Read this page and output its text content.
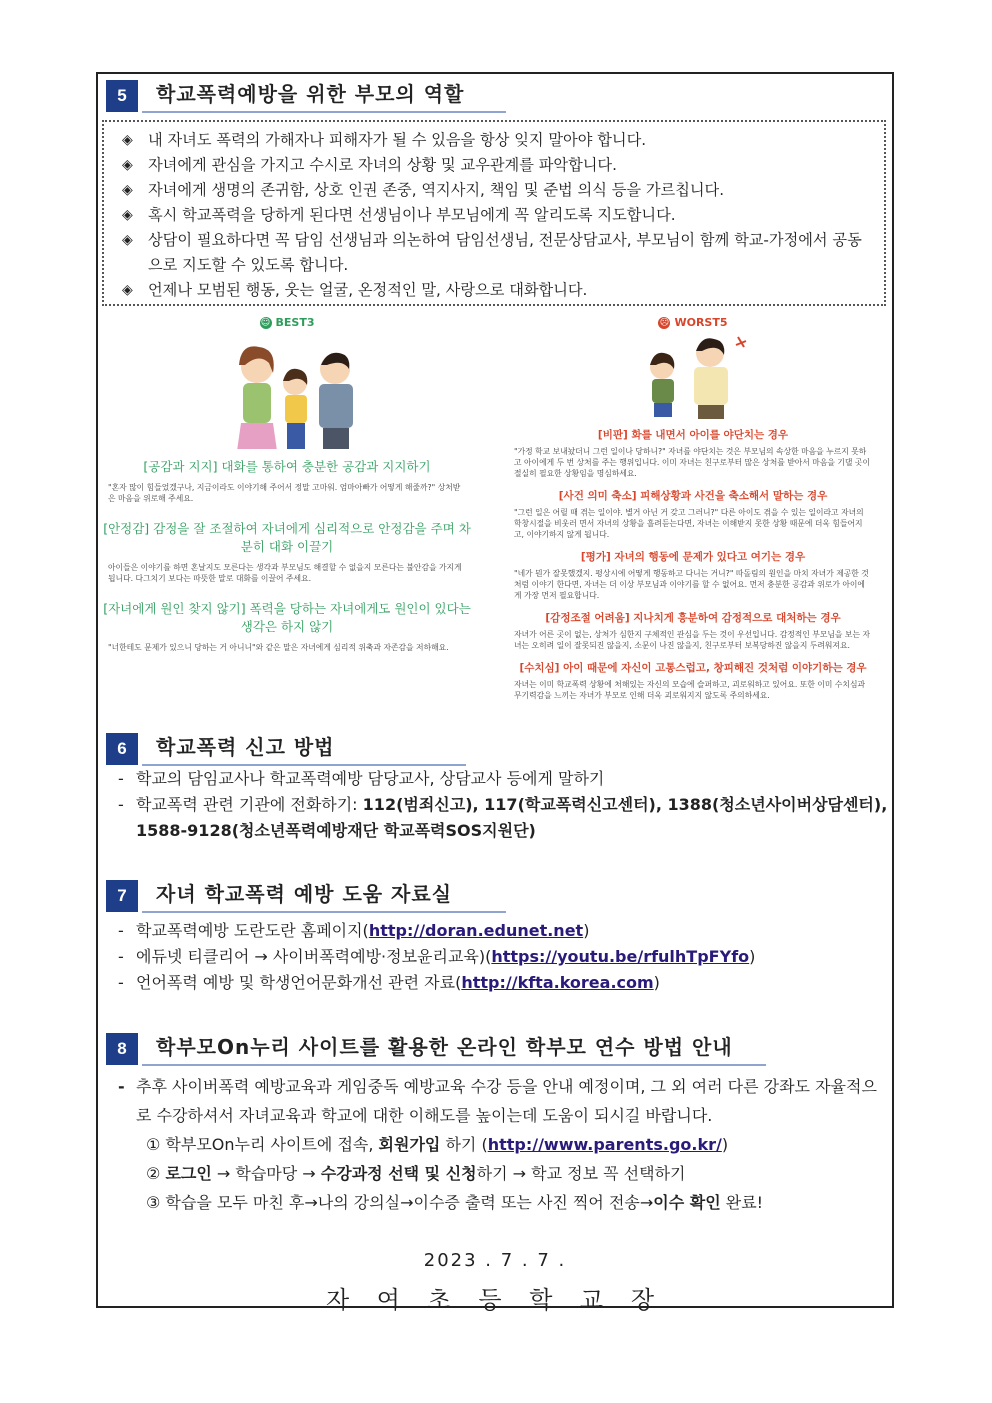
5	학교폭력예방을 위한 부모의 역할
◈	내 자녀도 폭력의 가해자나 피해자가 될 수 있음을 항상 잊지 말아야 합니다.
◈	자녀에게 관심을 가지고 수시로 자녀의 상황 및 교우관계를 파악합니다.
◈	자녀에게 생명의 존귀함, 상호 인권 존중, 역지사지, 책임 및 준법 의식 등을 가르칩니다.
◈	혹시 학교폭력을 당하게 된다면 선생님이나 부모님에게 꼭 알리도록 지도합니다.
◈	상담이 필요하다면 꼭 담임 선생님과 의논하여 담임선생님, 전문상담교사, 부모님이 함께 학교-가정에서 공동으로 지도할 수 있도록 합니다.
◈	언제나 모범된 행동, 웃는 얼굴, 온정적인 말, 사랑으로 대화합니다.
☺ BEST3
[공감과 지지] 대화를 통하여 충분한 공감과 지지하기
"혼자 많이 힘들었겠구나, 지금이라도 이야기해 주어서 정말 고마워. 엄마아빠가 어떻게 해줄까?" 상처받은 마음을 위로해 주세요.
[안정감] 감정을 잘 조절하여 자녀에게 심리적으로 안정감을 주며 차분히 대화 이끌기
아이들은 이야기를 하면 혼날지도 모른다는 생각과 부모님도 해결할 수 없을지 모른다는 불안감을 가지게 됩니다. 다그치기 보다는 따뜻한 말로 대화를 이끌어 주세요.
[자녀에게 원인 찾지 않기] 폭력을 당하는 자녀에게도 원인이 있다는 생각은 하지 않기
"너한테도 문제가 있으니 당하는 거 아니니"와 같은 말은 자녀에게 심리적 위축과 자존감을 저하해요.
☹ WORST5
[비판] 화를 내면서 아이를 야단치는 경우
"가정 학교 보내놨더니 그런 일이나 당하니?" 자녀를 야단치는 것은 부모님의 속상한 마음을 누르지 못하고 아이에게 두 번 상처를 주는 행위입니다. 이미 자녀는 친구로부터 많은 상처를 받아서 마음을 기댈 곳이 절실히 필요한 상황임을 명심하세요.
[사건 의미 축소] 피해상황과 사건을 축소해서 말하는 경우
"그런 일은 어릴 때 겪는 일이야. 별거 아닌 거 갖고 그러니?" 다른 아이도 겪을 수 있는 일이라고 자녀의 학창시절을 비웃러 면서 자녀의 상황을 흘려듣는다면, 자녀는 이해받지 못한 상황 때문에 더욱 힘들어지고, 이야기하지 않게 됩니다.
[평가] 자녀의 행동에 문제가 있다고 여기는 경우
"네가 뭔가 잘못했겠지. 평상시에 어떻게 행동하고 다니는 거니?" 따돌림의 원인을 마치 자녀가 제공한 것처럼 이야기 한다면, 자녀는 더 이상 부모님과 이야기를 할 수 없어요. 먼저 충분한 공감과 위로가 아이에게 가장 먼저 필요합니다.
[감정조절 어려움] 지나치게 흥분하여 감정적으로 대처하는 경우
자녀가 어른 곳이 없는, 상처가 심한지 구체적인 관심을 두는 것이 우선입니다. 감정적인 부모님을 보는 자녀는 오히려 일이 잘못되진 않을지, 소문이 나진 않을지, 친구로부터 보복당하진 않을지 두려워져요.
[수치심] 아이 때문에 자신이 고통스럽고, 창피해진 것처럼 이야기하는 경우
자녀는 이미 학교폭력 상황에 처해있는 자신의 모습에 슬퍼하고, 괴로워하고 있어요. 또한 이미 수치심과 무기력감을 느끼는 자녀가 부모로 인해 더욱 괴로워지지 않도록 주의하세요.
6	학교폭력 신고 방법
- 학교의 담임교사나 학교폭력예방 담당교사, 상담교사 등에게 말하기
- 학교폭력 관련 기관에 전화하기: 112(범죄신고), 117(학교폭력신고센터), 1388(청소년사이버상담센터), 1588-9128(청소년폭력예방재단 학교폭력SOS지원단)
7	자녀 학교폭력 예방 도움 자료실
- 학교폭력예방 도란도란 홈페이지(http://doran.edunet.net)
- 에듀넷 티클리어 → 사이버폭력예방·정보윤리교육)(https://youtu.be/rfulhTpFYfo)
- 언어폭력 예방 및 학생언어문화개선 관련 자료(http://kfta.korea.com)
8	학부모On누리 사이트를 활용한 온라인 학부모 연수 방법 안내
- 추후 사이버폭력 예방교육과 게임중독 예방교육 수강 등을 안내 예정이며, 그 외 여러 다른 강좌도 자율적으로 수강하셔서 자녀교육과 학교에 대한 이해도를 높이는데 도움이 되시길 바랍니다.
① 학부모On누리 사이트에 접속, 회원가입 하기 (http://www.parents.go.kr/)
② 로그인 → 학습마당 → 수강과정 선택 및 신청하기 → 학교 정보 꼭 선택하기
③ 학습을 모두 마친 후→나의 강의실→이수증 출력 또는 사진 찍어 전송→이수 확인 완료!
2023 . 7 . 7 .
자 여 초 등 학 교 장
